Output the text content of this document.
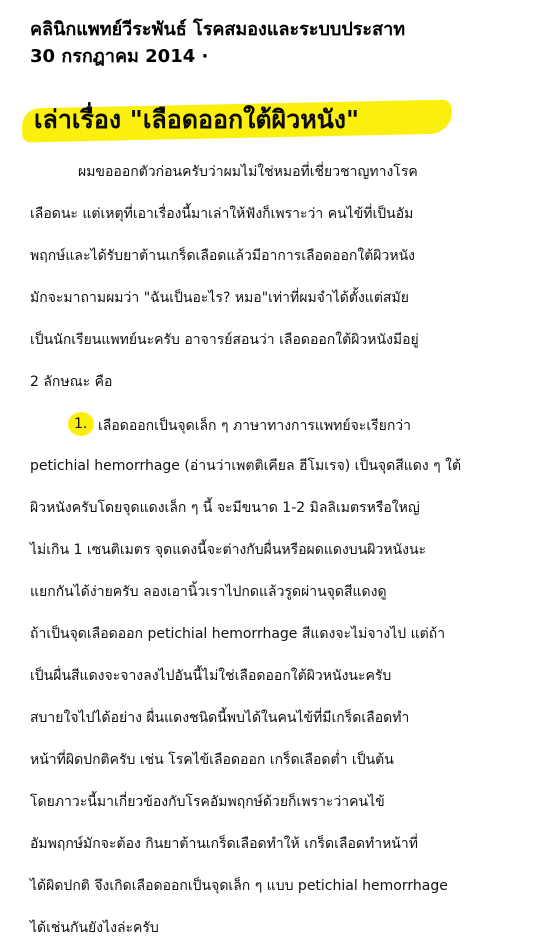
คลินิกแพทย์วีระพันธ์ โรคสมองและระบบประสาท
30 กรกฎาคม 2014 ·
เล่าเรื่อง "เลือดออกใต้ผิวหนัง"
ผมขอออกตัวก่อนครับว่าผมไม่ใช่หมอที่เชี่ยวชาญทางโรค
เลือดนะ แต่เหตุที่เอาเรื่องนี้มาเล่าให้ฟังก็เพราะว่า คนไข้ที่เป็นอัม
พฤกษ์และได้รับยาต้านเกร็ดเลือดแล้วมีอาการเลือดออกใต้ผิวหนัง
มักจะมาถามผมว่า "ฉันเป็นอะไร? หมอ"เท่าที่ผมจำได้ตั้งแต่สมัย
เป็นนักเรียนแพทย์นะครับ อาจารย์สอนว่า เลือดออกใต้ผิวหนังมีอยู่
2 ลักษณะ คือ
1. เลือดออกเป็นจุดเล็ก ๆ ภาษาทางการแพทย์จะเรียกว่า
petichial hemorrhage (อ่านว่าเพตติเคียล ฮีโมเรจ) เป็นจุดสีแดง ๆ ใต้
ผิวหนังครับโดยจุดแดงเล็ก ๆ นี้ จะมีขนาด 1-2 มิลลิเมตรหรือใหญ่
ไม่เกิน 1 เซนติเมตร จุดแดงนี้จะต่างกับผื่นหรือผดแดงบนผิวหนังนะ
แยกกันได้ง่ายครับ ลองเอานิ้วเราไปกดแล้วรูดผ่านจุดสีแดงดู
ถ้าเป็นจุดเลือดออก petichial hemorrhage สีแดงจะไม่จางไป แต่ถ้า
เป็นผื่นสีแดงจะจางลงไปอันนี้ไม่ใช่เลือดออกใต้ผิวหนังนะครับ
สบายใจไปได้อย่าง ผื่นแดงชนิดนี้พบได้ในคนไข้ที่มีเกร็ดเลือดทำ
หน้าที่ผิดปกติครับ เช่น โรคไข้เลือดออก เกร็ดเลือดต่ำ เป็นต้น
โดยภาวะนี้มาเกี่ยวข้องกับโรคอัมพฤกษ์ด้วยก็เพราะว่าคนไข้
อัมพฤกษ์มักจะต้อง กินยาต้านเกร็ดเลือดทำให้ เกร็ดเลือดทำหน้าที่
ได้ผิดปกติ จึงเกิดเลือดออกเป็นจุดเล็ก ๆ แบบ petichial hemorrhage
ได้เช่นกันยังไงล่ะครับ
